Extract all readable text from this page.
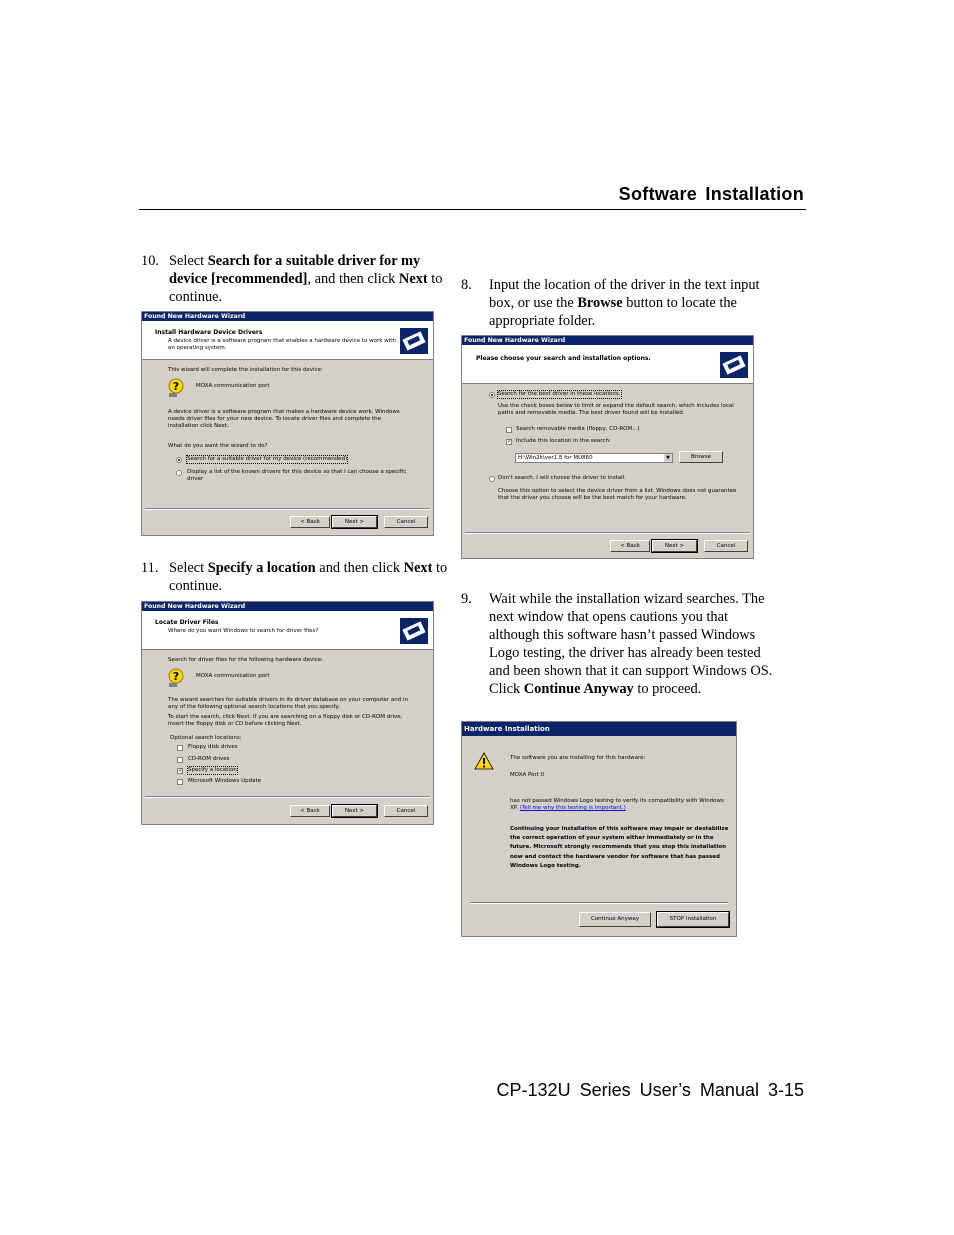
Software Installation
10. Select Search for a suitable driver for my device [recommended], and then click Next to continue.
Found New Hardware Wizard
Install Hardware Device Drivers
A device driver is a software program that enables a hardware device to work with an operating system.
This wizard will complete the installation for this device:
?	MOXA communication port
A device driver is a software program that makes a hardware device work. Windows needs driver files for your new device. To locate driver files and complete the installation click Next.
What do you want the wizard to do?
Search for a suitable driver for my device (recommended)
Display a list of the known drivers for this device so that I can choose a specific driver
< Back	Next >	Cancel
11. Select Specify a location and then click Next to continue.
Found New Hardware Wizard
Locate Driver Files
Where do you want Windows to search for driver files?
Search for driver files for the following hardware device:
?	MOXA communication port
The wizard searches for suitable drivers in its driver database on your computer and in any of the following optional search locations that you specify.
To start the search, click Next. If you are searching on a floppy disk or CD-ROM drive, insert the floppy disk or CD before clicking Next.
Optional search locations:
Floppy disk drives
CD-ROM drives
✓ Specify a location
Microsoft Windows Update
< Back	Next >	Cancel
8. Input the location of the driver in the text input box, or use the Browse button to locate the appropriate folder.
Found New Hardware Wizard
Please choose your search and installation options.
Search for the best driver in these locations.
Use the check boxes below to limit or expand the default search, which includes local paths and removable media. The best driver found will be installed.
Search removable media (floppy, CD-ROM...)
✓ Include this location in the search:
H:\Win2k\ver1.8 for MU860	▼	Browse
Don't search. I will choose the driver to install.
Choose this option to select the device driver from a list. Windows does not guarantee that the driver you choose will be the best match for your hardware.
< Back	Next >	Cancel
9. Wait while the installation wizard searches. The next window that opens cautions you that although this software hasn’t passed Windows Logo testing, the driver has already been tested and been shown that it can support Windows OS. Click Continue Anyway to proceed.
Hardware Installation
The software you are installing for this hardware:
MOXA Port 0
has not passed Windows Logo testing to verify its compatibility with Windows XP. (Tell me why this testing is important.)
Continuing your installation of this software may impair or destabilize the correct operation of your system either immediately or in the future. Microsoft strongly recommends that you stop this installation now and contact the hardware vendor for software that has passed Windows Logo testing.
Continue Anyway	STOP Installation
CP-132U Series User’s Manual 3-15
